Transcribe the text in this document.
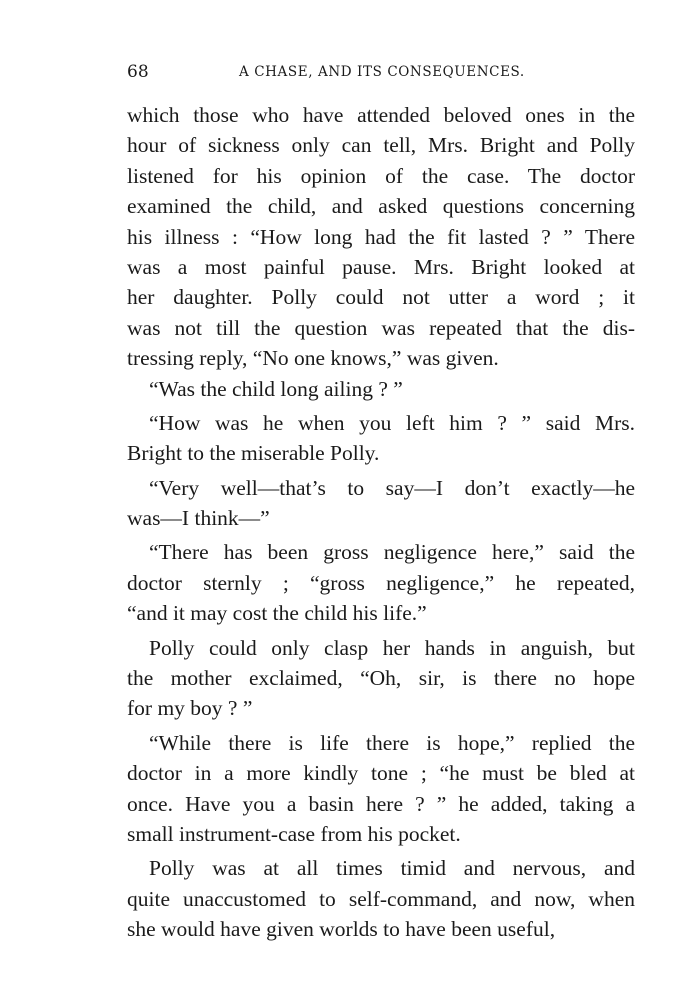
68	A CHASE, AND ITS CONSEQUENCES.
which those who have attended beloved ones in the
hour of sickness only can tell, Mrs. Bright and Polly
listened for his opinion of the case. The doctor
examined the child, and asked questions concerning
his illness : “How long had the fit lasted ? ” There
was a most painful pause. Mrs. Bright looked at
her daughter. Polly could not utter a word ; it
was not till the question was repeated that the dis-
tressing reply, “No one knows,” was given.
“Was the child long ailing ? ”
“How was he when you left him ? ” said Mrs.
Bright to the miserable Polly.
“Very well—that’s to say—I don’t exactly—he
was—I think—”
“There has been gross negligence here,” said the
doctor sternly ; “gross negligence,” he repeated,
“and it may cost the child his life.”
Polly could only clasp her hands in anguish, but
the mother exclaimed, “Oh, sir, is there no hope
for my boy ? ”
“While there is life there is hope,” replied the
doctor in a more kindly tone ; “he must be bled at
once. Have you a basin here ? ” he added, taking a
small instrument-case from his pocket.
Polly was at all times timid and nervous, and
quite unaccustomed to self-command, and now, when
she would have given worlds to have been useful,
